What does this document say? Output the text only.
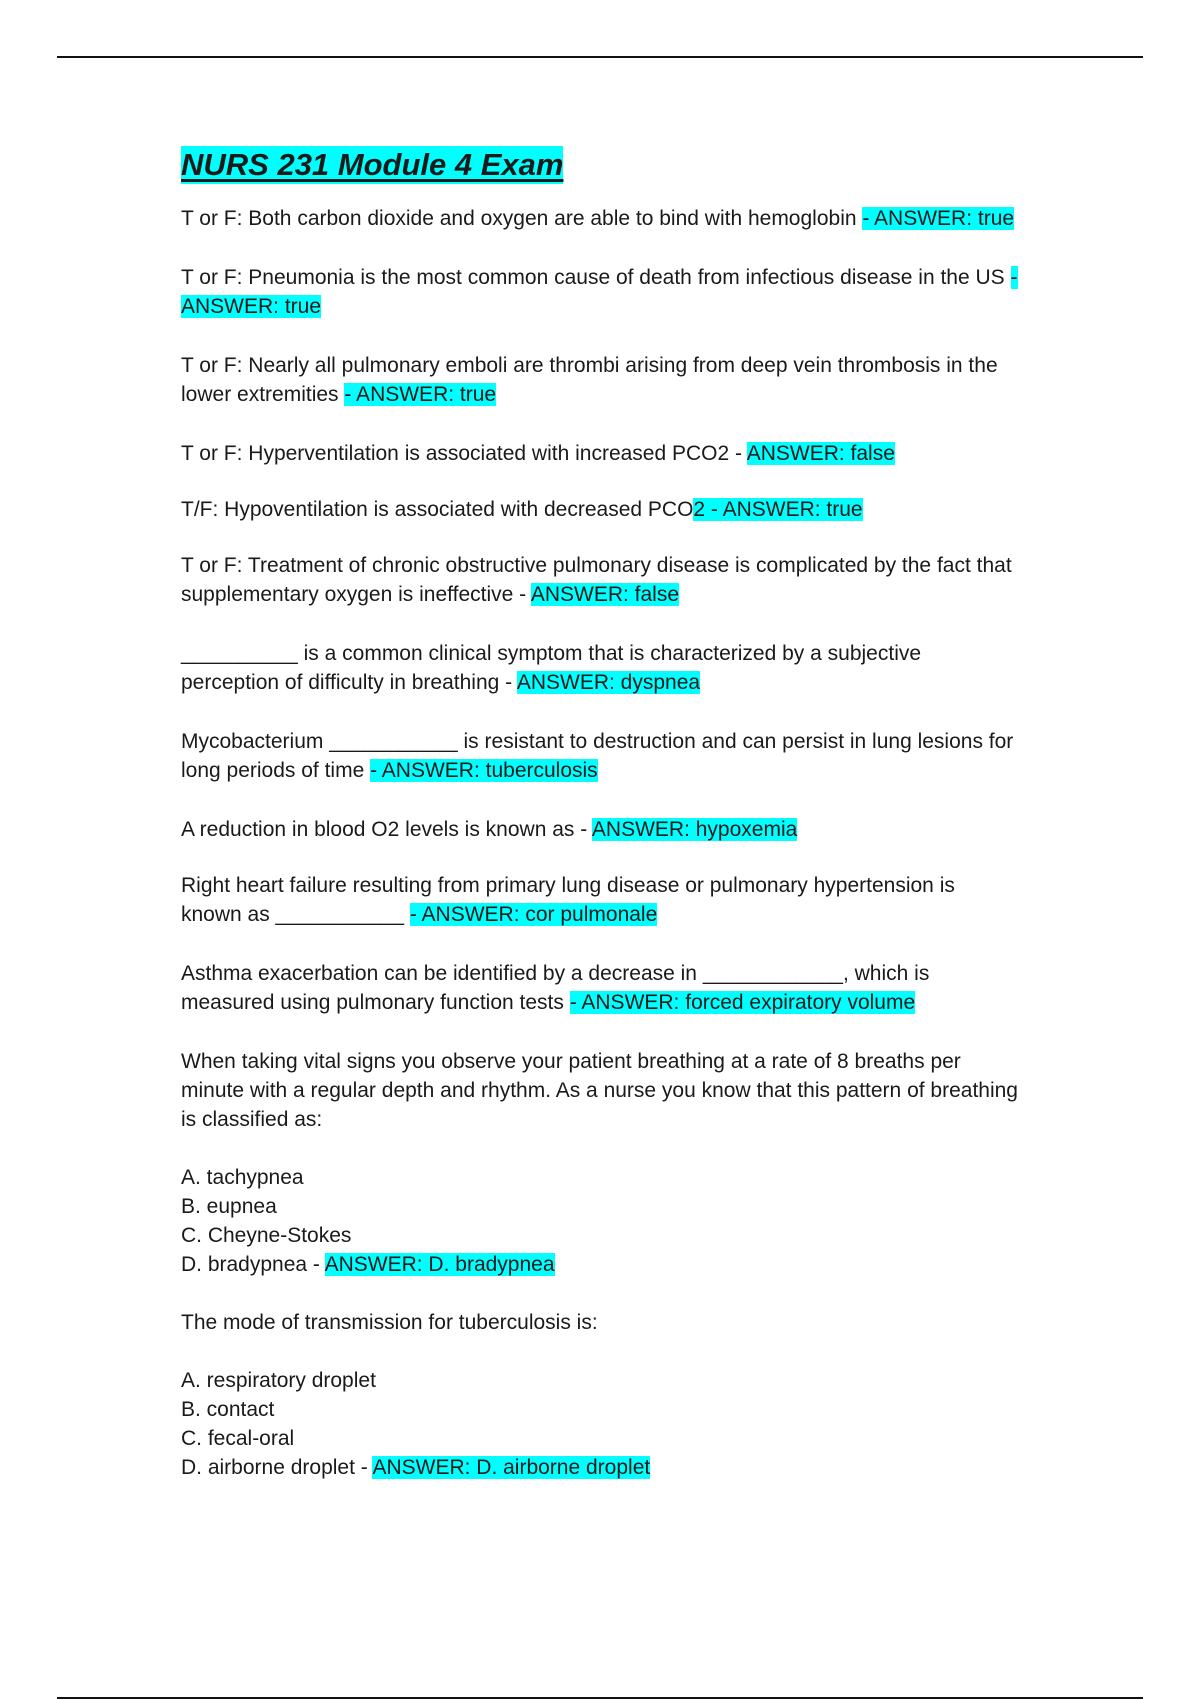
NURS 231 Module 4 Exam

T or F: Both carbon dioxide and oxygen are able to bind with hemoglobin - ANSWER: true

T or F: Pneumonia is the most common cause of death from infectious disease in the US - ANSWER: true

T or F: Nearly all pulmonary emboli are thrombi arising from deep vein thrombosis in the lower extremities - ANSWER: true

T or F: Hyperventilation is associated with increased PCO2 - ANSWER: false

T/F: Hypoventilation is associated with decreased PCO2 - ANSWER: true

T or F: Treatment of chronic obstructive pulmonary disease is complicated by the fact that supplementary oxygen is ineffective - ANSWER: false

__________ is a common clinical symptom that is characterized by a subjective perception of difficulty in breathing - ANSWER: dyspnea

Mycobacterium ___________ is resistant to destruction and can persist in lung lesions for long periods of time - ANSWER: tuberculosis

A reduction in blood O2 levels is known as - ANSWER: hypoxemia

Right heart failure resulting from primary lung disease or pulmonary hypertension is known as ___________ - ANSWER: cor pulmonale

Asthma exacerbation can be identified by a decrease in ____________, which is measured using pulmonary function tests - ANSWER: forced expiratory volume

When taking vital signs you observe your patient breathing at a rate of 8 breaths per minute with a regular depth and rhythm. As a nurse you know that this pattern of breathing is classified as:

A. tachypnea
B. eupnea
C. Cheyne-Stokes
D. bradypnea - ANSWER: D. bradypnea

The mode of transmission for tuberculosis is:

A. respiratory droplet
B. contact
C. fecal-oral
D. airborne droplet - ANSWER: D. airborne droplet
